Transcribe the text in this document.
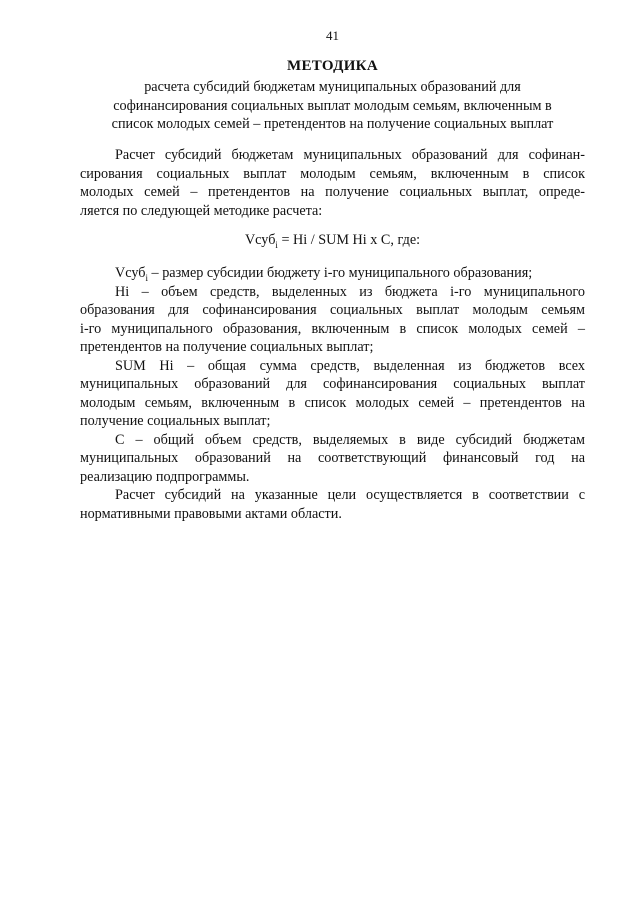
41
МЕТОДИКА
расчета субсидий бюджетам муниципальных образований для
софинансирования социальных выплат молодым семьям, включенным в
список молодых семей – претендентов на получение социальных выплат
Расчет субсидий бюджетам муниципальных образований для софинан-
сирования социальных выплат молодым семьям, включенным в список
молодых семей – претендентов на получение социальных выплат, опреде-
ляется по следующей методике расчета:
Vсуб$_i$ = Hi / SUM Hi x C, где:
Vсуб$_i$ – размер субсидии бюджету i-го муниципального образования;
Hi – объем средств, выделенных из бюджета i-го муниципального
образования для софинансирования социальных выплат молодым семьям
i-го муниципального образования, включенным в список молодых семей –
претендентов на получение социальных выплат;
SUM Hi – общая сумма средств, выделенная из бюджетов всех
муниципальных образований для софинансирования социальных выплат
молодым семьям, включенным в список молодых семей – претендентов на
получение социальных выплат;
C – общий объем средств, выделяемых в виде субсидий бюджетам
муниципальных образований на соответствующий финансовый год на
реализацию подпрограммы.
Расчет субсидий на указанные цели осуществляется в соответствии с
нормативными правовыми актами области.
